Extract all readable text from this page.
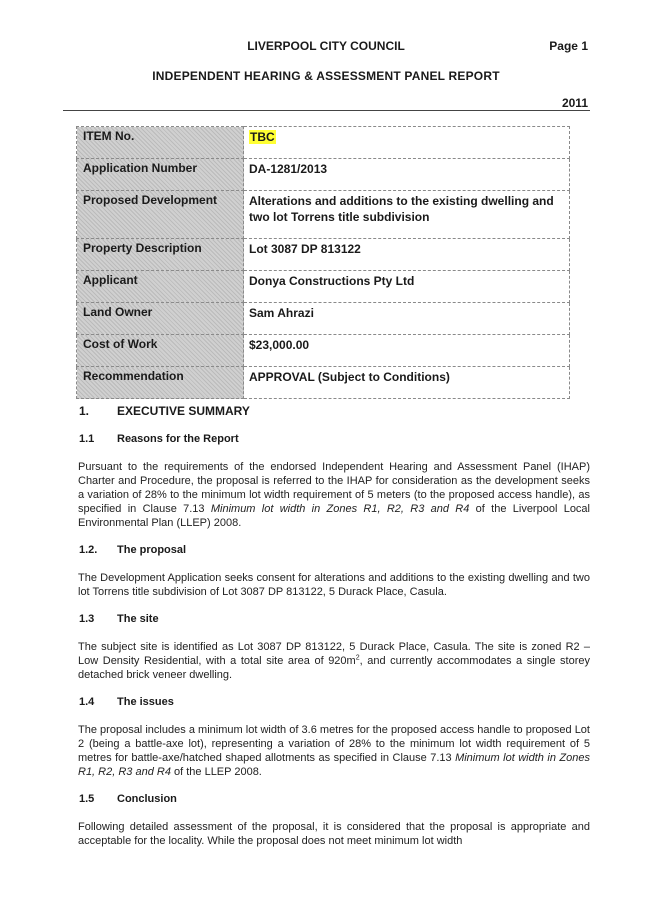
LIVERPOOL CITY COUNCIL	Page 1
INDEPENDENT HEARING & ASSESSMENT PANEL REPORT
2011
ITEM No.	TBC
Application Number	DA-1281/2013
Proposed Development	Alterations and additions to the existing dwelling and two lot Torrens title subdivision
Property Description	Lot 3087 DP 813122
Applicant	Donya Constructions Pty Ltd
Land Owner	Sam Ahrazi
Cost of Work	$23,000.00
Recommendation	APPROVAL (Subject to Conditions)
1. EXECUTIVE SUMMARY
1.1 Reasons for the Report

Pursuant to the requirements of the endorsed Independent Hearing and Assessment Panel (IHAP) Charter and Procedure, the proposal is referred to the IHAP for consideration as the development seeks a variation of 28% to the minimum lot width requirement of 5 meters (to the proposed access handle), as specified in Clause 7.13 Minimum lot width in Zones R1, R2, R3 and R4 of the Liverpool Local Environmental Plan (LLEP) 2008.

1.2. The proposal
The Development Application seeks consent for alterations and additions to the existing dwelling and two lot Torrens title subdivision of Lot 3087 DP 813122, 5 Durack Place, Casula.
1.3 The site

The subject site is identified as Lot 3087 DP 813122, 5 Durack Place, Casula. The site is zoned R2 – Low Density Residential, with a total site area of $920m^2$, and currently accommodates a single storey detached brick veneer dwelling.

1.4 The issues

The proposal includes a minimum lot width of 3.6 metres for the proposed access handle to proposed Lot 2 (being a battle-axe lot), representing a variation of 28% to the minimum lot width requirement of 5 metres for battle-axe/hatched shaped allotments as specified in Clause 7.13 Minimum lot width in Zones R1, R2, R3 and R4 of the LLEP 2008.

1.5 Conclusion
Following detailed assessment of the proposal, it is considered that the proposal is appropriate and acceptable for the locality. While the proposal does not meet minimum lot width
